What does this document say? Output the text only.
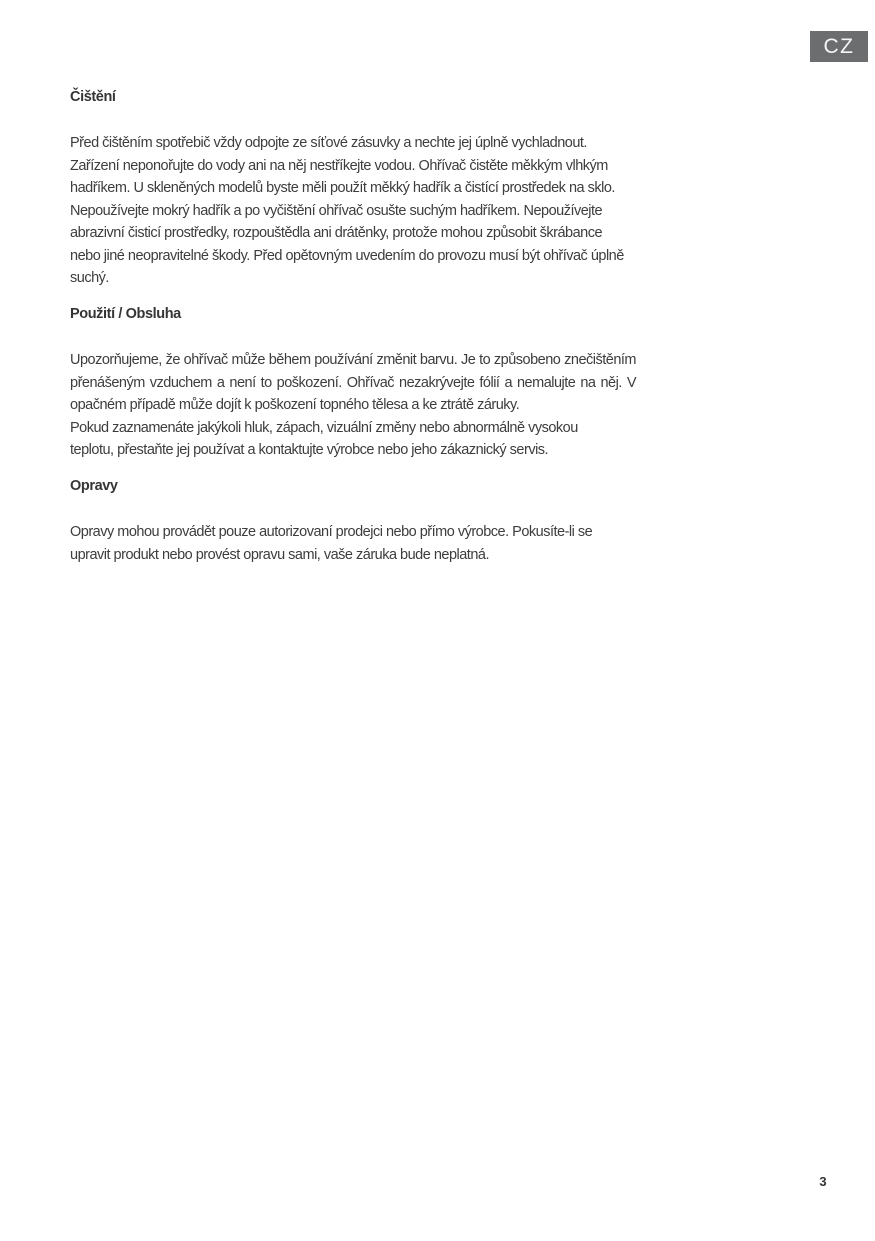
CZ
Čištění
Před čištěním spotřebič vždy odpojte ze síťové zásuvky a nechte jej úplně vychladnout.
Zařízení neponořujte do vody ani na něj nestříkejte vodou. Ohřívač čistěte měkkým vlhkým
hadříkem. U skleněných modelů byste měli použít měkký hadřík a čistící prostředek na sklo.
Nepoužívejte mokrý hadřík a po vyčištění ohřívač osušte suchým hadříkem. Nepoužívejte
abrazivní čisticí prostředky, rozpouštědla ani drátěnky, protože mohou způsobit škrábance
nebo jiné neopravitelné škody. Před opětovným uvedením do provozu musí být ohřívač úplně
suchý.
Použití / Obsluha
Upozorňujeme, že ohřívač může během používání změnit barvu. Je to způsobeno znečištěním
přenášeným vzduchem a není to poškození. Ohřívač nezakrývejte fólií a nemalujte na něj. V
opačném případě může dojít k poškození topného tělesa a ke ztrátě záruky.
Pokud zaznamenáte jakýkoli hluk, zápach, vizuální změny nebo abnormálně vysokou
teplotu, přestaňte jej používat a kontaktujte výrobce nebo jeho zákaznický servis.
Opravy
Opravy mohou provádět pouze autorizovaní prodejci nebo přímo výrobce. Pokusíte-li se
upravit produkt nebo provést opravu sami, vaše záruka bude neplatná.
3
